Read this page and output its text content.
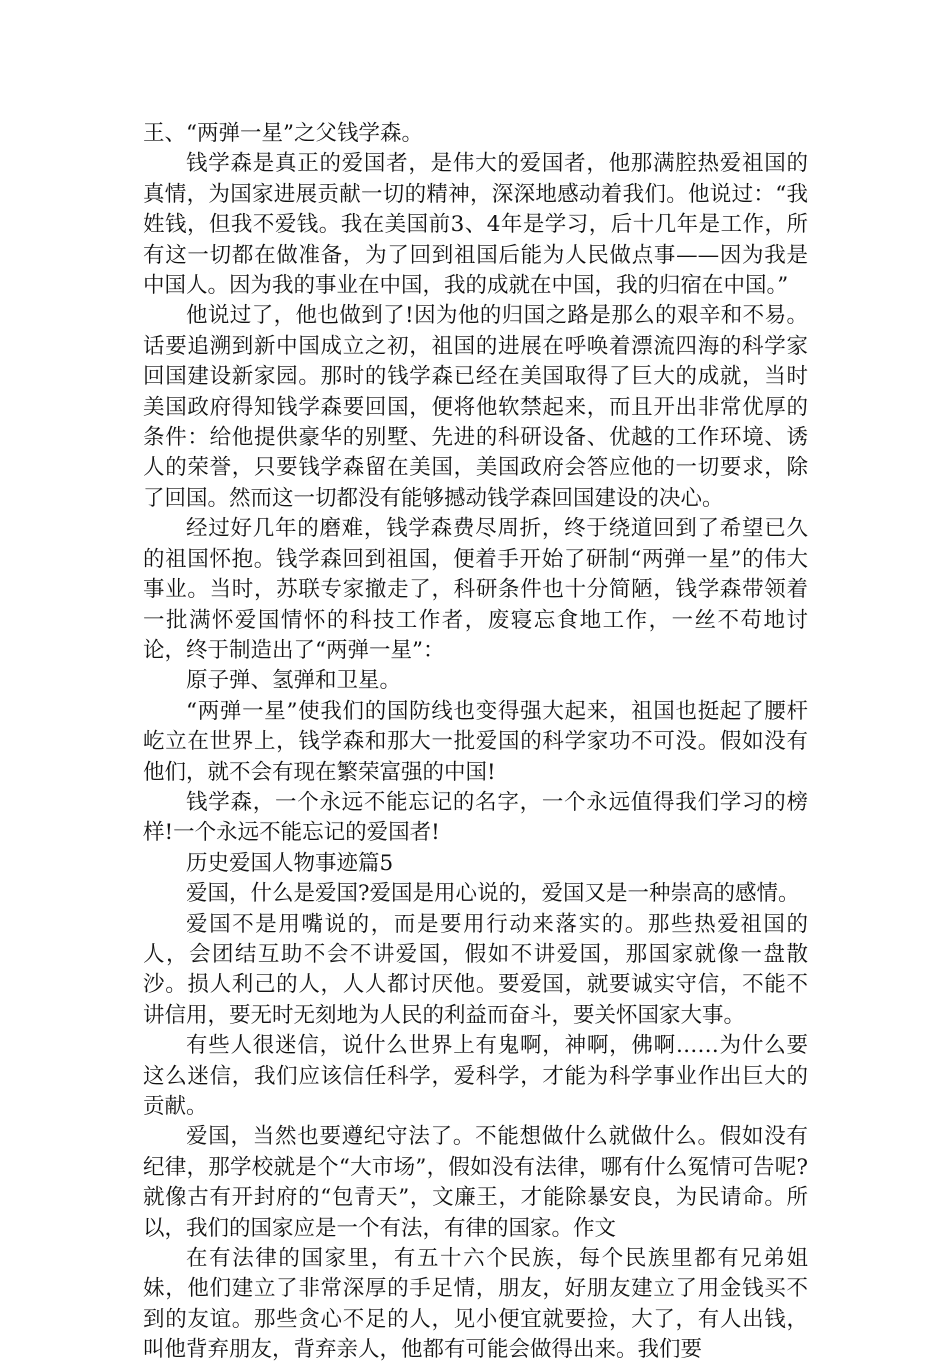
王、“两弹一星”之父钱学森。

钱学森是真正的爱国者，是伟大的爱国者，他那满腔热爱祖国的真情，为国家进展贡献一切的精神，深深地感动着我们。他说过：“我姓钱，但我不爱钱。我在美国前3、4年是学习，后十几年是工作，所有这一切都在做准备，为了回到祖国后能为人民做点事——因为我是中国人。因为我的事业在中国，我的成就在中国，我的归宿在中国。”

他说过了，他也做到了!因为他的归国之路是那么的艰辛和不易。话要追溯到新中国成立之初，祖国的进展在呼唤着漂流四海的科学家回国建设新家园。那时的钱学森已经在美国取得了巨大的成就，当时美国政府得知钱学森要回国，便将他软禁起来，而且开出非常优厚的条件：给他提供豪华的别墅、先进的科研设备、优越的工作环境、诱人的荣誉，只要钱学森留在美国，美国政府会答应他的一切要求，除了回国。然而这一切都没有能够撼动钱学森回国建设的决心。

经过好几年的磨难，钱学森费尽周折，终于绕道回到了希望已久的祖国怀抱。钱学森回到祖国，便着手开始了研制“两弹一星”的伟大事业。当时，苏联专家撤走了，科研条件也十分简陋，钱学森带领着一批满怀爱国情怀的科技工作者，废寝忘食地工作，一丝不苟地讨论，终于制造出了“两弹一星”：

原子弹、氢弹和卫星。

“两弹一星”使我们的国防线也变得强大起来，祖国也挺起了腰杆屹立在世界上，钱学森和那大一批爱国的科学家功不可没。假如没有他们，就不会有现在繁荣富强的中国!

钱学森，一个永远不能忘记的名字，一个永远值得我们学习的榜样!一个永远不能忘记的爱国者!

历史爱国人物事迹篇5

爱国，什么是爱国?爱国是用心说的，爱国又是一种崇高的感情。

爱国不是用嘴说的，而是要用行动来落实的。那些热爱祖国的人，会团结互助不会不讲爱国，假如不讲爱国，那国家就像一盘散沙。损人利己的人，人人都讨厌他。要爱国，就要诚实守信，不能不讲信用，要无时无刻地为人民的利益而奋斗，要关怀国家大事。

有些人很迷信，说什么世界上有鬼啊，神啊，佛啊……为什么要这么迷信，我们应该信任科学，爱科学，才能为科学事业作出巨大的贡献。

爱国，当然也要遵纪守法了。不能想做什么就做什么。假如没有纪律，那学校就是个“大市场”，假如没有法律，哪有什么冤情可告呢?就像古有开封府的“包青天”，文廉王，才能除暴安良，为民请命。所以，我们的国家应是一个有法，有律的国家。作文

在有法律的国家里，有五十六个民族，每个民族里都有兄弟姐妹，他们建立了非常深厚的手足情，朋友，好朋友建立了用金钱买不到的友谊。那些贪心不足的人，见小便宜就要捡，大了，有人出钱，叫他背弃朋友，背弃亲人，他都有可能会做得出来。我们要
